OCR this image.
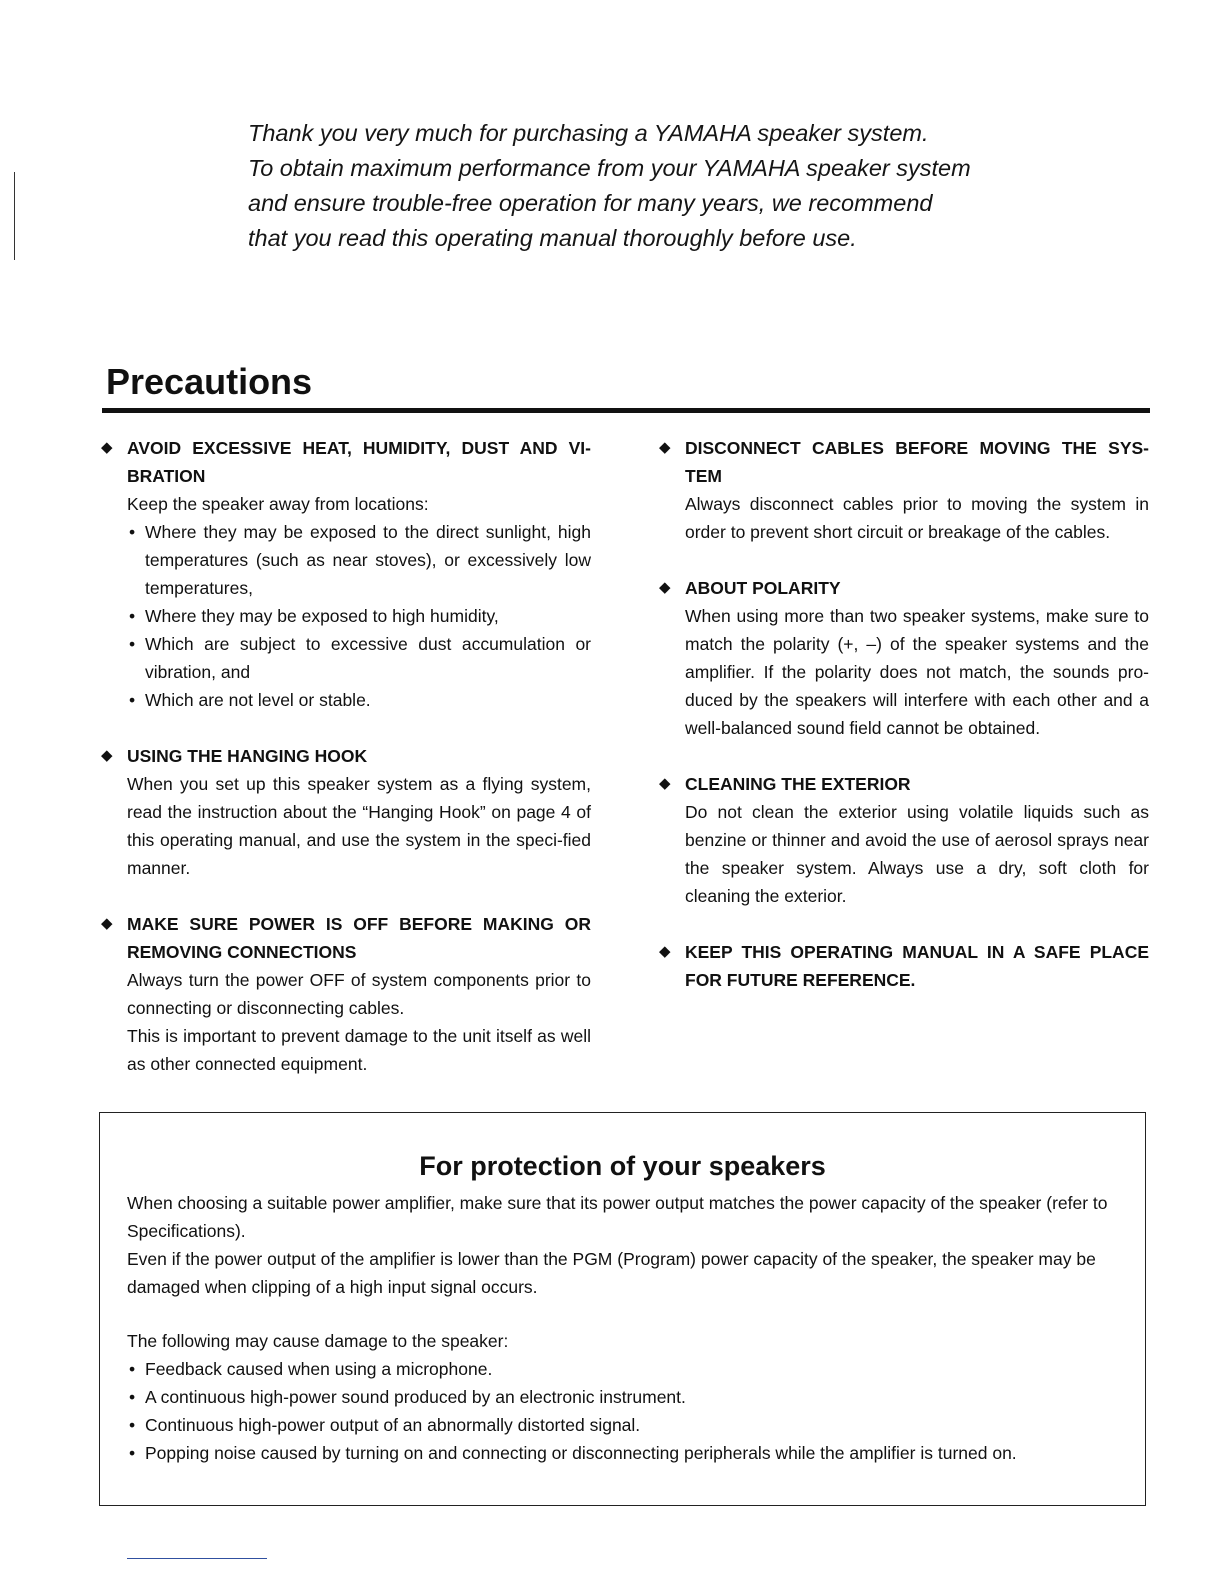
Thank you very much for purchasing a YAMAHA speaker system.

To obtain maximum performance from your YAMAHA speaker system

and ensure trouble-free operation for many years, we recommend

that you read this operating manual thoroughly before use.

Precautions
◆ AVOID EXCESSIVE HEAT, HUMIDITY, DUST AND VI-BRATION

Keep the speaker away from locations:

• Where they may be exposed to the direct sunlight, high temperatures (such as near stoves), or excessively low temperatures,
• Where they may be exposed to high humidity,
• Which are subject to excessive dust accumulation or vibration, and
• Which are not level or stable.
◆ USING THE HANGING HOOK

When you set up this speaker system as a flying system, read the instruction about the “Hanging Hook” on page 4 of this operating manual, and use the system in the speci-fied manner.

◆ MAKE SURE POWER IS OFF BEFORE MAKING OR REMOVING CONNECTIONS

Always turn the power OFF of system components prior to connecting or disconnecting cables.

This is important to prevent damage to the unit itself as well as other connected equipment.

◆ DISCONNECT CABLES BEFORE MOVING THE SYS-TEM

Always disconnect cables prior to moving the system in order to prevent short circuit or breakage of the cables.

◆ ABOUT POLARITY

When using more than two speaker systems, make sure to match the polarity (+, –) of the speaker systems and the amplifier. If the polarity does not match, the sounds pro-duced by the speakers will interfere with each other and a well-balanced sound field cannot be obtained.

◆ CLEANING THE EXTERIOR

Do not clean the exterior using volatile liquids such as benzine or thinner and avoid the use of aerosol sprays near the speaker system. Always use a dry, soft cloth for cleaning the exterior.

◆ KEEP THIS OPERATING MANUAL IN A SAFE PLACE FOR FUTURE REFERENCE.
For protection of your speakers

When choosing a suitable power amplifier, make sure that its power output matches the power capacity of the speaker (refer to Specifications).

Even if the power output of the amplifier is lower than the PGM (Program) power capacity of the speaker, the speaker may be damaged when clipping of a high input signal occurs.

The following may cause damage to the speaker:

• Feedback caused when using a microphone.
• A continuous high-power sound produced by an electronic instrument.
• Continuous high-power output of an abnormally distorted signal.
• Popping noise caused by turning on and connecting or disconnecting peripherals while the amplifier is turned on.
